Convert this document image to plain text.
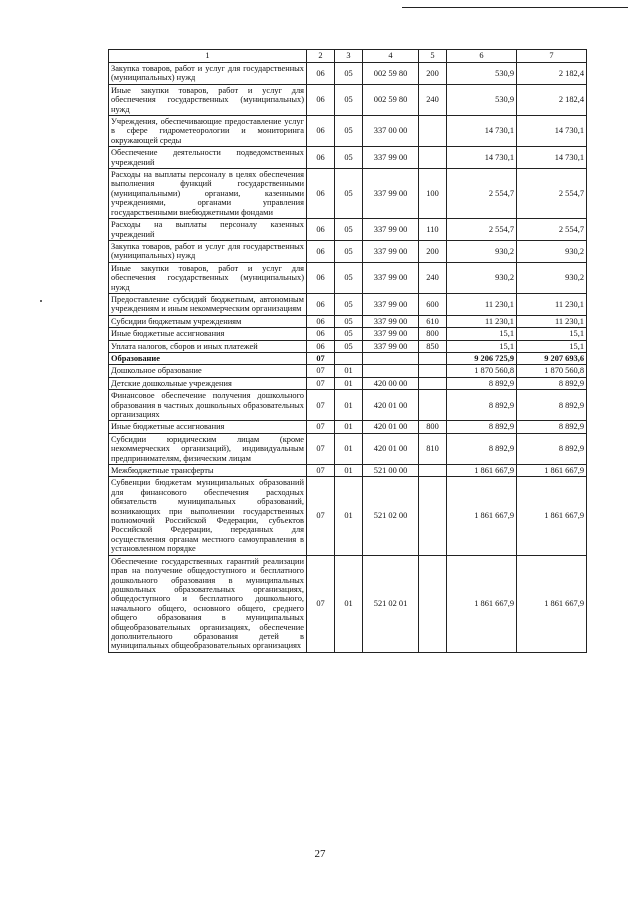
1	2	3	4	5	6	7
Закупка товаров, работ и услуг для государственных (муниципальных) нужд	06	05	002 59 80	200	530,9	2 182,4
Иные закупки товаров, работ и услуг для обеспечения государственных (муниципальных) нужд	06	05	002 59 80	240	530,9	2 182,4
Учреждения, обеспечивающие предоставление услуг в сфере гидрометеорологии и мониторинга окружающей среды	06	05	337 00 00		14 730,1	14 730,1
Обеспечение деятельности подведомственных учреждений	06	05	337 99 00		14 730,1	14 730,1
Расходы на выплаты персоналу в целях обеспечения выполнения функций государственными (муниципальными) органами, казенными учреждениями, органами управления государственными внебюджетными фондами	06	05	337 99 00	100	2 554,7	2 554,7
Расходы на выплаты персоналу казенных учреждений	06	05	337 99 00	110	2 554,7	2 554,7
Закупка товаров, работ и услуг для государственных (муниципальных) нужд	06	05	337 99 00	200	930,2	930,2
Иные закупки товаров, работ и услуг для обеспечения государственных (муниципальных) нужд	06	05	337 99 00	240	930,2	930,2
Предоставление субсидий бюджетным, автономным учреждениям и иным некоммерческим организациям	06	05	337 99 00	600	11 230,1	11 230,1
Субсидии бюджетным учреждениям	06	05	337 99 00	610	11 230,1	11 230,1
Иные бюджетные ассигнования	06	05	337 99 00	800	15,1	15,1
Уплата налогов, сборов и иных платежей	06	05	337 99 00	850	15,1	15,1
Образование	07				9 206 725,9	9 207 693,6
Дошкольное образование	07	01			1 870 560,8	1 870 560,8
Детские дошкольные учреждения	07	01	420 00 00		8 892,9	8 892,9
Финансовое обеспечение получения дошкольного образования в частных дошкольных образовательных организациях	07	01	420 01 00		8 892,9	8 892,9
Иные бюджетные ассигнования	07	01	420 01 00	800	8 892,9	8 892,9
Субсидии юридическим лицам (кроме некоммерческих организаций), индивидуальным предпринимателям, физическим лицам	07	01	420 01 00	810	8 892,9	8 892,9
Межбюджетные трансферты	07	01	521 00 00		1 861 667,9	1 861 667,9
Субвенции бюджетам муниципальных образований для финансового обеспечения расходных обязательств муниципальных образований, возникающих при выполнении государственных полномочий Российской Федерации, субъектов Российской Федерации, переданных для осуществления органам местного самоуправления в установленном порядке	07	01	521 02 00		1 861 667,9	1 861 667,9
Обеспечение государственных гарантий реализации прав на получение общедоступного и бесплатного дошкольного образования в муниципальных дошкольных образовательных организациях, общедоступного и бесплатного дошкольного, начального общего, основного общего, среднего общего образования в муниципальных общеобразовательных организациях, обеспечение дополнительного образования детей в муниципальных общеобразовательных организациях	07	01	521 02 01		1 861 667,9	1 861 667,9
27
